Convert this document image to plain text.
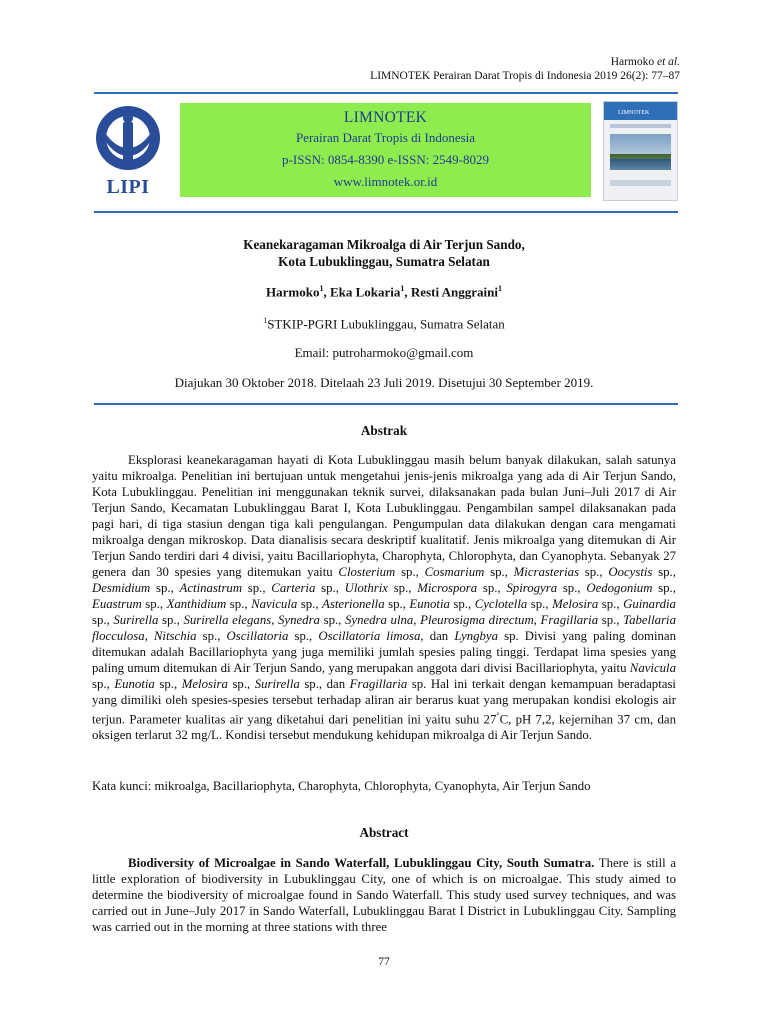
Harmoko et al.
LIMNOTEK Perairan Darat Tropis di Indonesia 2019 26(2): 77–87
LIPI
LIMNOTEK
Perairan Darat Tropis di Indonesia
p-ISSN: 0854-8390 e-ISSN: 2549-8029
www.limnotek.or.id
LIMNOTEK
Keanekaragaman Mikroalga di Air Terjun Sando,
Kota Lubuklinggau, Sumatra Selatan
Harmoko$^1$, Eka Lokaria$^1$, Resti Anggraini$^1$
$^1$STKIP-PGRI Lubuklinggau, Sumatra Selatan
Email: putroharmoko@gmail.com
Diajukan 30 Oktober 2018. Ditelaah 23 Juli 2019. Disetujui 30 September 2019.
Abstrak
Eksplorasi keanekaragaman hayati di Kota Lubuklinggau masih belum banyak dilakukan, salah satunya yaitu mikroalga. Penelitian ini bertujuan untuk mengetahui jenis-jenis mikroalga yang ada di Air Terjun Sando, Kota Lubuklinggau. Penelitian ini menggunakan teknik survei, dilaksanakan pada bulan Juni–Juli 2017 di Air Terjun Sando, Kecamatan Lubuklinggau Barat I, Kota Lubuklinggau. Pengambilan sampel dilaksanakan pada pagi hari, di tiga stasiun dengan tiga kali pengulangan. Pengumpulan data dilakukan dengan cara mengamati mikroalga dengan mikroskop. Data dianalisis secara deskriptif kualitatif. Jenis mikroalga yang ditemukan di Air Terjun Sando terdiri dari 4 divisi, yaitu Bacillariophyta, Charophyta, Chlorophyta, dan Cyanophyta. Sebanyak 27 genera dan 30 spesies yang ditemukan yaitu Closterium sp., Cosmarium sp., Micrasterias sp., Oocystis sp., Desmidium sp., Actinastrum sp., Carteria sp., Ulothrix sp., Microspora sp., Spirogyra sp., Oedogonium sp., Euastrum sp., Xanthidium sp., Navicula sp., Asterionella sp., Eunotia sp., Cyclotella sp., Melosira sp., Guinardia sp., Surirella sp., Surirella elegans, Synedra sp., Synedra ulna, Pleurosigma directum, Fragillaria sp., Tabellaria flocculosa, Nitschia sp., Oscillatoria sp., Oscillatoria limosa, dan Lyngbya sp. Divisi yang paling dominan ditemukan adalah Bacillariophyta yang juga memiliki jumlah spesies paling tinggi. Terdapat lima spesies yang paling umum ditemukan di Air Terjun Sando, yang merupakan anggota dari divisi Bacillariophyta, yaitu Navicula sp., Eunotia sp., Melosira sp., Surirella sp., dan Fragillaria sp. Hal ini terkait dengan kemampuan beradaptasi yang dimiliki oleh spesies-spesies tersebut terhadap aliran air berarus kuat yang merupakan kondisi ekologis air terjun. Parameter kualitas air yang diketahui dari penelitian ini yaitu suhu 27°C, pH 7,2, kejernihan 37 cm, dan oksigen terlarut 32 mg/L. Kondisi tersebut mendukung kehidupan mikroalga di Air Terjun Sando.
Kata kunci: mikroalga, Bacillariophyta, Charophyta, Chlorophyta, Cyanophyta, Air Terjun Sando
Abstract
Biodiversity of Microalgae in Sando Waterfall, Lubuklinggau City, South Sumatra. There is still a little exploration of biodiversity in Lubuklinggau City, one of which is on microalgae. This study aimed to determine the biodiversity of microalgae found in Sando Waterfall. This study used survey techniques, and was carried out in June–July 2017 in Sando Waterfall, Lubuklinggau Barat I District in Lubuklinggau City. Sampling was carried out in the morning at three stations with three
77
